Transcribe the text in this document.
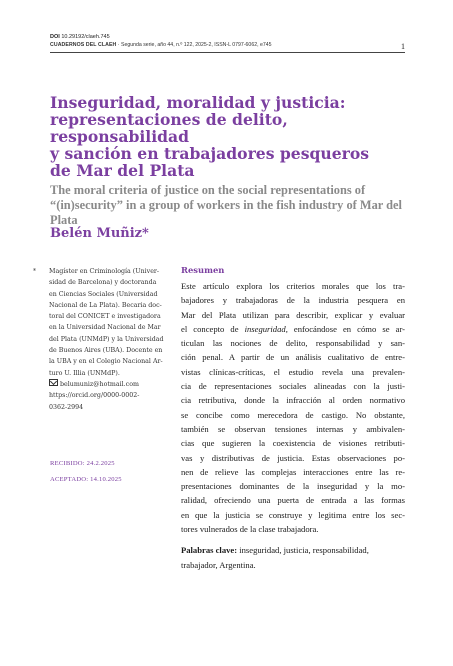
DOI 10.29192/claeh.745
CUADERNOS DEL CLAEH · Segunda serie, año 44, n.º 122, 2025-2, ISSN-L 0797-6062, e745	1
Inseguridad, moralidad y justicia:
representaciones de delito, responsabilidad
y sanción en trabajadores pesqueros
de Mar del Plata
The moral criteria of justice on the social representations of
“(in)security” in a group of workers in the fish industry of Mar del Plata
Belén Muñiz*
* Magíster en Criminología (Univer-
sidad de Barcelona) y doctoranda
en Ciencias Sociales (Universidad
Nacional de La Plata). Becaria doc-
toral del CONICET e investigadora
en la Universidad Nacional de Mar
del Plata (UNMdP) y la Universidad
de Buenos Aires (UBA). Docente en
la UBA y en el Colegio Nacional Ar-
turo U. Illia (UNMdP).
belumuniz@hotmail.com
https://orcid.org/0000-0002-
0362-2994
RECIBIDO: 24.2.2025
ACEPTADO: 14.10.2025
Resumen
Este artículo explora los criterios morales que los tra-
bajadores y trabajadoras de la industria pesquera en
Mar del Plata utilizan para describir, explicar y evaluar
el concepto de inseguridad, enfocándose en cómo se ar-
ticulan las nociones de delito, responsabilidad y san-
ción penal. A partir de un análisis cualitativo de entre-
vistas clínicas-críticas, el estudio revela una prevalen-
cia de representaciones sociales alineadas con la justi-
cia retributiva, donde la infracción al orden normativo
se concibe como merecedora de castigo. No obstante,
también se observan tensiones internas y ambivalen-
cias que sugieren la coexistencia de visiones retributi-
vas y distributivas de justicia. Estas observaciones po-
nen de relieve las complejas interacciones entre las re-
presentaciones dominantes de la inseguridad y la mo-
ralidad, ofreciendo una puerta de entrada a las formas
en que la justicia se construye y legitima entre los sec-
tores vulnerados de la clase trabajadora.
Palabras clave: inseguridad, justicia, responsabilidad,
trabajador, Argentina.
